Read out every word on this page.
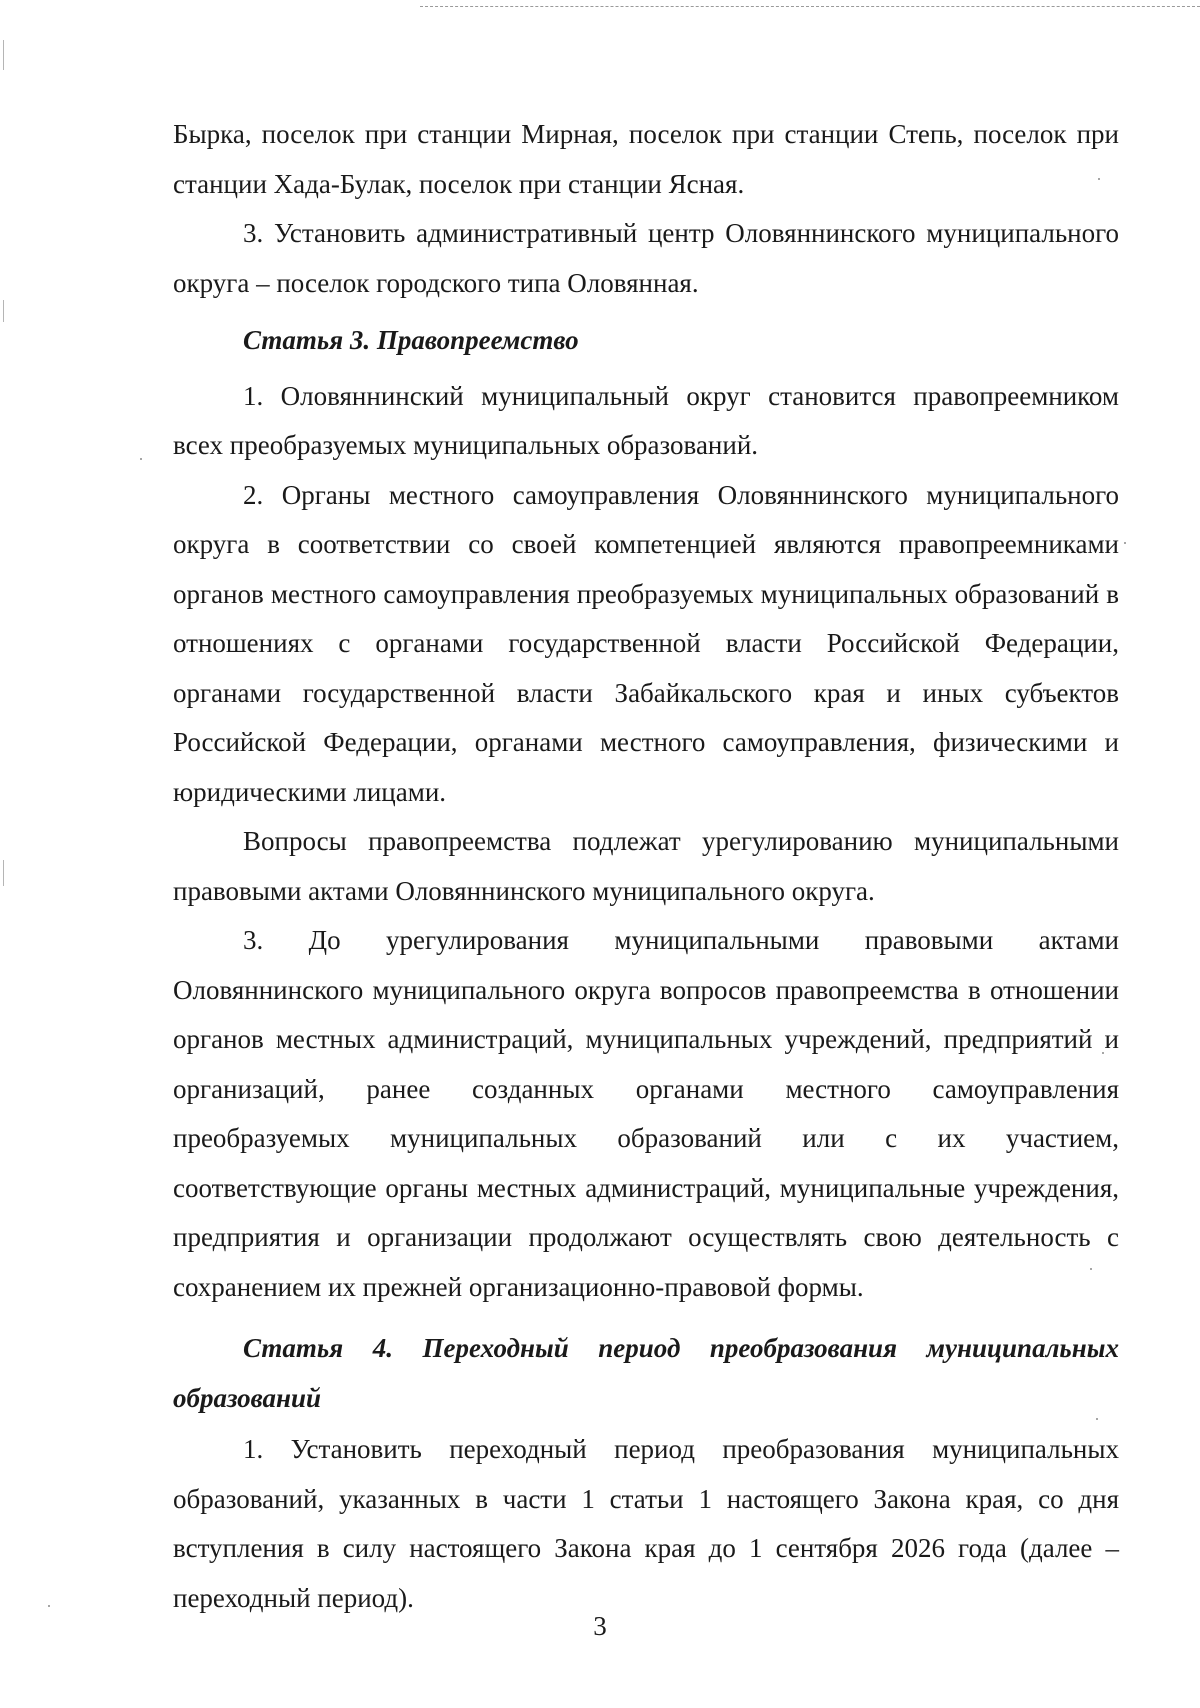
Бырка, поселок при станции Мирная, поселок при станции Степь, поселок при станции Хада-Булак, поселок при станции Ясная.

3. Установить административный центр Оловяннинского муниципального округа – поселок городского типа Оловянная.

Статья 3. Правопреемство

1. Оловяннинский муниципальный округ становится правопреемником всех преобразуемых муниципальных образований.

2. Органы местного самоуправления Оловяннинского муниципального округа в соответствии со своей компетенцией являются правопреемниками органов местного самоуправления преобразуемых муниципальных образований в отношениях с органами государственной власти Российской Федерации, органами государственной власти Забайкальского края и иных субъектов Российской Федерации, органами местного самоуправления, физическими и юридическими лицами.

Вопросы правопреемства подлежат урегулированию муниципальными правовыми актами Оловяннинского муниципального округа.

3. До урегулирования муниципальными правовыми актами Оловяннинского муниципального округа вопросов правопреемства в отношении органов местных администраций, муниципальных учреждений, предприятий и организаций, ранее созданных органами местного самоуправления преобразуемых муниципальных образований или с их участием, соответствующие органы местных администраций, муниципальные учреждения, предприятия и организации продолжают осуществлять свою деятельность с сохранением их прежней организационно-правовой формы.

Статья 4. Переходный период преобразования муниципальных образований

1. Установить переходный период преобразования муниципальных образований, указанных в части 1 статьи 1 настоящего Закона края, со дня вступления в силу настоящего Закона края до 1 сентября 2026 года (далее – переходный период).

3
